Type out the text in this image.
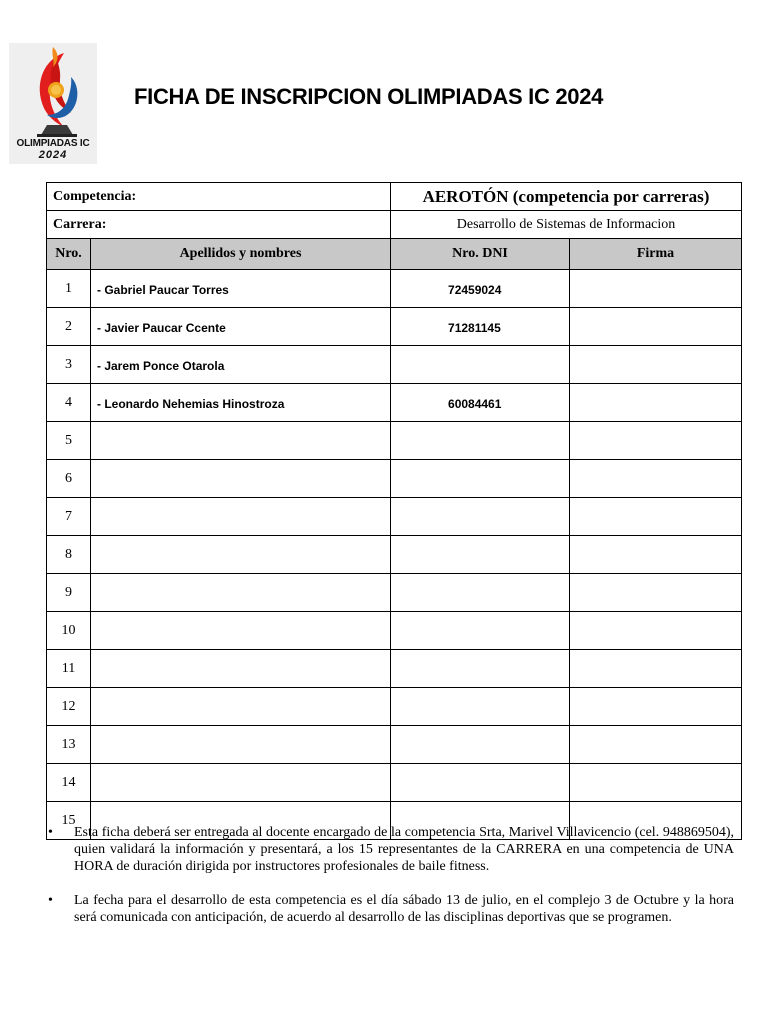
OLIMPIADAS IC
2024
FICHA DE INSCRIPCION OLIMPIADAS IC 2024
Competencia:		AEROTÓN (competencia por carreras)	
Carrera:		Desarrollo de Sistemas de Informacion	
Nro.	Apellidos y nombres	Nro. DNI	Firma
1	- Gabriel Paucar Torres	72459024	
2	- Javier Paucar Ccente	71281145	
3	- Jarem Ponce Otarola		
4	- Leonardo Nehemias Hinostroza	60084461	
5			
6			
7			
8			
9			
10			
11			
12			
13			
14			
15			
• Esta ficha deberá ser entregada al docente encargado de la competencia Srta, Marivel Villavicencio (cel. 948869504), quien validará la información y presentará, a los 15 representantes de la CARRERA en una competencia de UNA HORA de duración dirigida por instructores profesionales de baile fitness.
• La fecha para el desarrollo de esta competencia es el día sábado 13 de julio, en el complejo 3 de Octubre y la hora será comunicada con anticipación, de acuerdo al desarrollo de las disciplinas deportivas que se programen.
